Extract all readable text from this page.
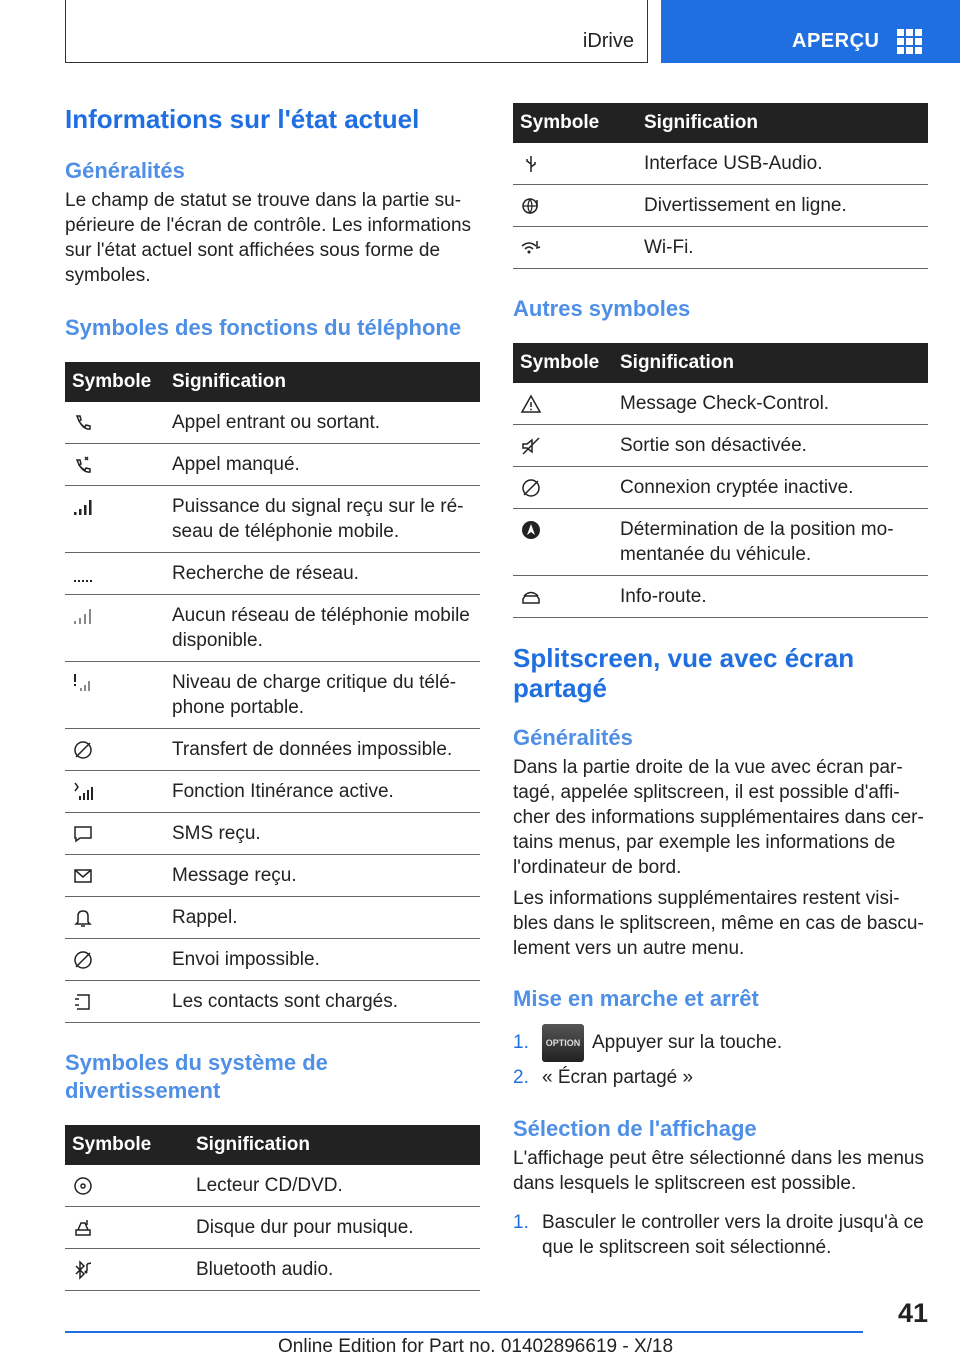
iDrive	APERÇU
Informations sur l'état actuel
Généralités

Le champ de statut se trouve dans la partie supérieure de l'écran de contrôle. Les informations sur l'état actuel sont affichées sous forme de symboles.

Symboles des fonctions du téléphone
Symbole	Signification
	Appel entrant ou sortant.
	Appel manqué.
	Puissance du signal reçu sur le réseau de téléphonie mobile.
	Recherche de réseau.
	Aucun réseau de téléphonie mobile disponible.
	Niveau de charge critique du téléphone portable.
	Transfert de données impossible.
	Fonction Itinérance active.
	SMS reçu.
	Message reçu.
	Rappel.
	Envoi impossible.
	Les contacts sont chargés.
Symboles du système de divertissement
Symbole	Signification
	Lecteur CD/DVD.
	Disque dur pour musique.
	Bluetooth audio.
Symbole	Signification
	Interface USB-Audio.
	Divertissement en ligne.
	Wi-Fi.
Autres symboles
Symbole	Signification
	Message Check-Control.
	Sortie son désactivée.
	Connexion cryptée inactive.
	Détermination de la position momentanée du véhicule.
	Info-route.
Splitscreen, vue avec écran partagé
Généralités

Dans la partie droite de la vue avec écran partagé, appelée splitscreen, il est possible d'afficher des informations supplémentaires dans certains menus, par exemple les informations de l'ordinateur de bord.

Les informations supplémentaires restent visibles dans le splitscreen, même en cas de basculement vers un autre menu.

Mise en marche et arrêt
1. OPTION Appuyer sur la touche.
2. « Écran partagé »
Sélection de l'affichage

L'affichage peut être sélectionné dans les menus dans lesquels le splitscreen est possible.

1. Basculer le controller vers la droite jusqu'à ce que le splitscreen soit sélectionné.
41
Online Edition for Part no. 01402896619 - X/18
